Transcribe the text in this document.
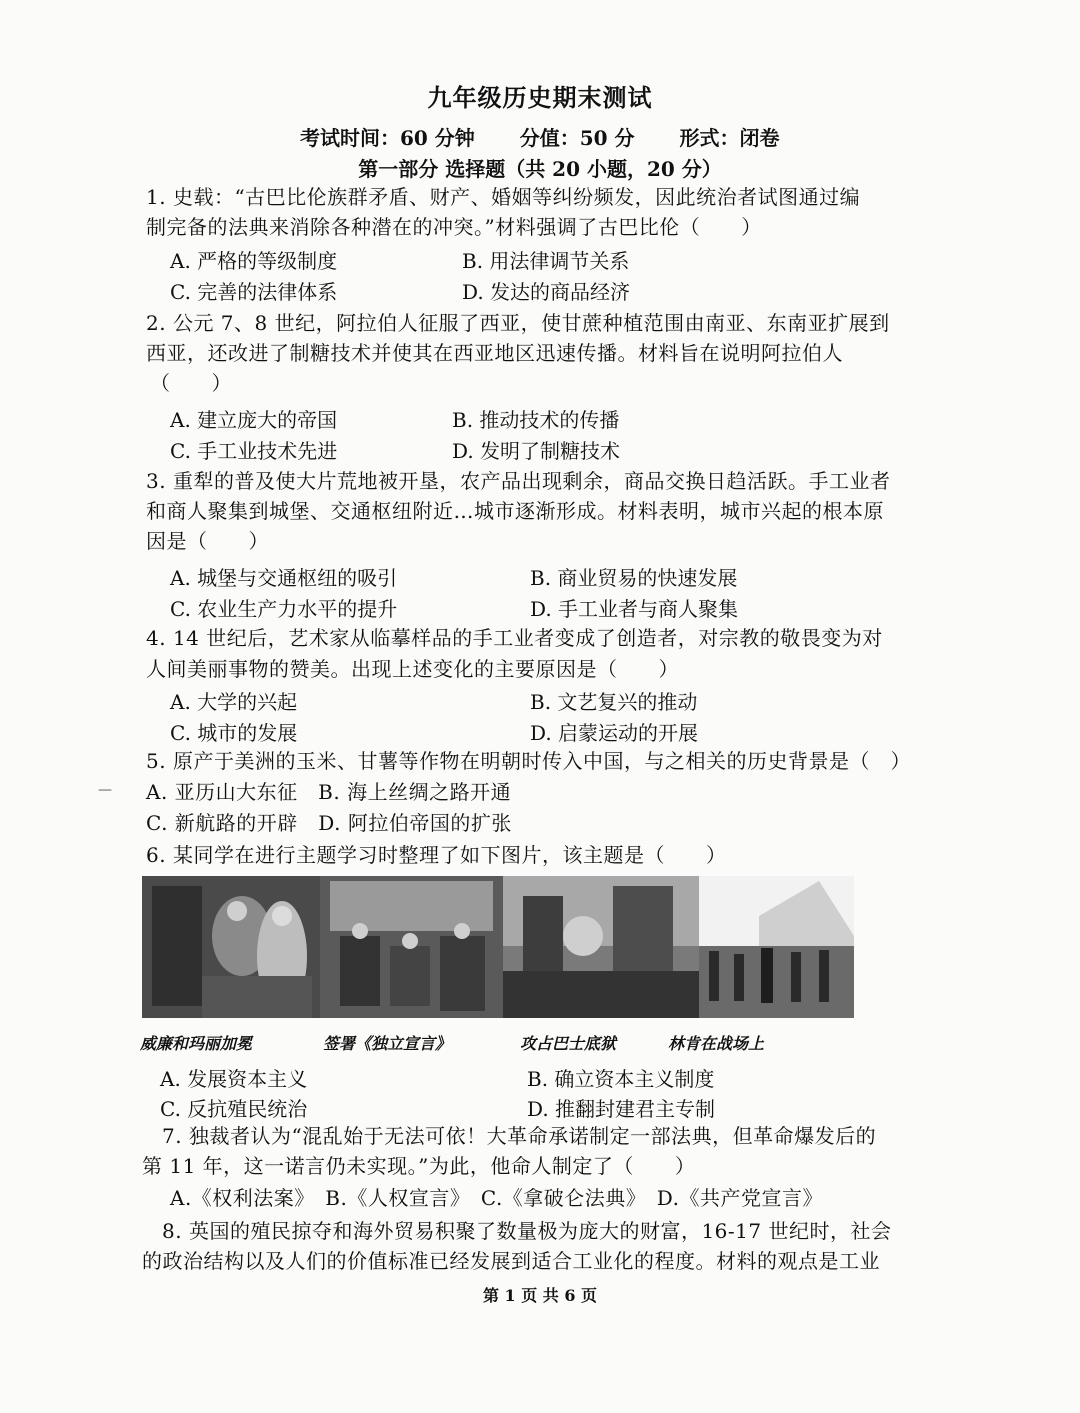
九年级历史期末测试
考试时间：60 分钟 分值：50 分 形式：闭卷
第一部分 选择题（共 20 小题，20 分）
1. 史载：“古巴比伦族群矛盾、财产、婚姻等纠纷频发，因此统治者试图通过编
制完备的法典来消除各种潜在的冲突。”材料强调了古巴比伦（　　）
A. 严格的等级制度	B. 用法律调节关系
C. 完善的法律体系	D. 发达的商品经济
2. 公元 7、8 世纪，阿拉伯人征服了西亚，使甘蔗种植范围由南亚、东南亚扩展到
西亚，还改进了制糖技术并使其在西亚地区迅速传播。材料旨在说明阿拉伯人
（　　）
A. 建立庞大的帝国	B. 推动技术的传播
C. 手工业技术先进	D. 发明了制糖技术
3. 重犁的普及使大片荒地被开垦，农产品出现剩余，商品交换日趋活跃。手工业者
和商人聚集到城堡、交通枢纽附近…城市逐渐形成。材料表明，城市兴起的根本原
因是（　　）
A. 城堡与交通枢纽的吸引	B. 商业贸易的快速发展
C. 农业生产力水平的提升	D. 手工业者与商人聚集
4. 14 世纪后，艺术家从临摹样品的手工业者变成了创造者，对宗教的敬畏变为对
人间美丽事物的赞美。出现上述变化的主要原因是（　　）
A. 大学的兴起	B. 文艺复兴的推动
C. 城市的发展	D. 启蒙运动的开展
5. 原产于美洲的玉米、甘薯等作物在明朝时传入中国，与之相关的历史背景是（　）
A. 亚历山大东征　B. 海上丝绸之路开通
C. 新航路的开辟　D. 阿拉伯帝国的扩张
—
6. 某同学在进行主题学习时整理了如下图片，该主题是（　　）
威廉和玛丽加冕	签署《独立宣言》	攻占巴士底狱	林肯在战场上
A. 发展资本主义	B. 确立资本主义制度
C. 反抗殖民统治	D. 推翻封建君主专制
7. 独裁者认为“混乱始于无法可依！大革命承诺制定一部法典，但革命爆发后的
第 11 年，这一诺言仍未实现。”为此，他命人制定了（　　）
A.《权利法案》　B.《人权宣言》　C.《拿破仑法典》　D.《共产党宣言》
8. 英国的殖民掠夺和海外贸易积聚了数量极为庞大的财富，16-17 世纪时，社会
的政治结构以及人们的价值标准已经发展到适合工业化的程度。材料的观点是工业
第 1 页 共 6 页
